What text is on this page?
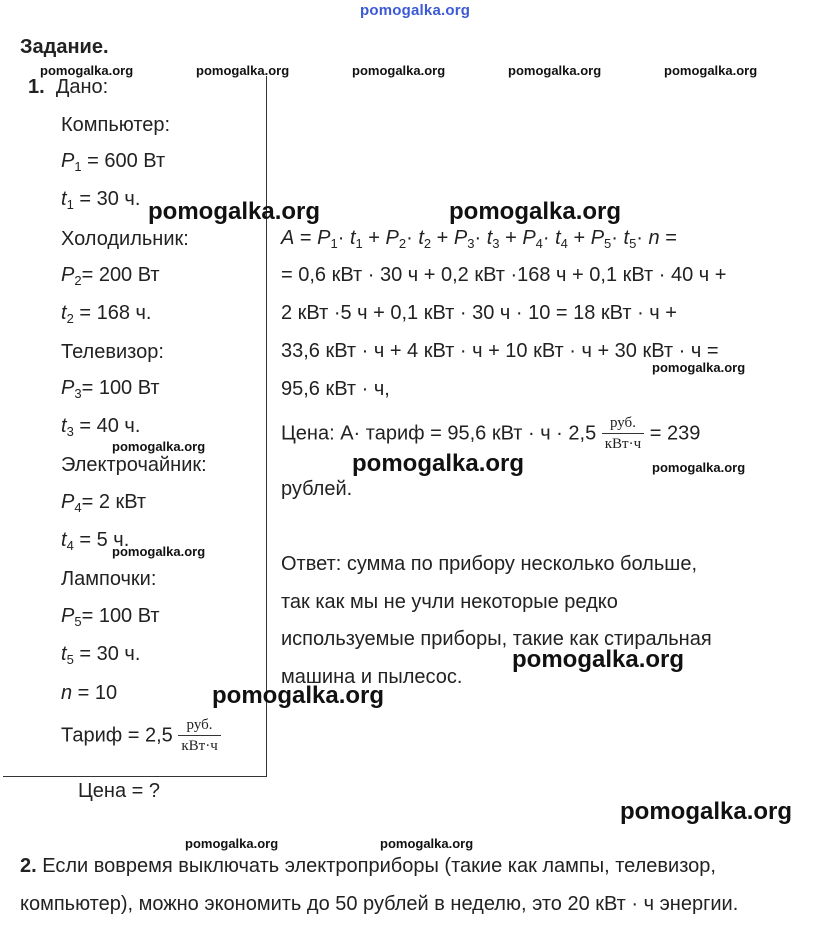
pomogalka.org
Задание.
pomogalka.org	pomogalka.org	pomogalka.org	pomogalka.org	pomogalka.org
1. Дано:
Компьютер:
$P_1 = 600$ Вт
$t_1 = 30$ ч.
Холодильник:
$P_2= 200$ Вт
$t_2 = 168$ ч.
Телевизор:
$P_3= 100$ Вт
$t_3 = 40$ ч.
Электрочайник:
$P_4= 2$ кВт
$t_4 = 5$ ч.
Лампочки:
$P_5= 100$ Вт
$t_5 = 30$ ч.
n = 10
Тариф = $2,5 \frac{\text{руб.}}{\text{кВт·ч}}$
Цена = ?
pomogalka.org	pomogalka.org
pomogalka.org
pomogalka.org
pomogalka.org
pomogalka.org
pomogalka.org
pomogalka.org
pomogalka.org
pomogalka.org
pomogalka.org	pomogalka.org
$A = P_1\cdot t_1 + P_2\cdot t_2 + P_3\cdot t_3 + P_4\cdot t_4 + P_5\cdot t_5\cdot n$ =
= 0,6 кВт · 30 ч + 0,2 кВт ·168 ч + 0,1 кВт · 40 ч +
2 кВт ·5 ч + 0,1 кВт · 30 ч · 10 = 18 кВт · ч +
33,6 кВт · ч + 4 кВт · ч + 10 кВт · ч + 30 кВт · ч =
95,6 кВт · ч,
Цена: A· тариф = 95,6 кВт · $ч \cdot 2,5 \frac{\text{руб.}}{\text{кВт·ч}} = 239$
рублей.
Ответ: сумма по прибору несколько больше,
так как мы не учли некоторые редко
используемые приборы, такие как стиральная
машина и пылесос.
2. Если вовремя выключать электроприборы (такие как лампы, телевизор,
компьютер), можно экономить до 50 рублей в неделю, это 20 кВт · ч энергии.
